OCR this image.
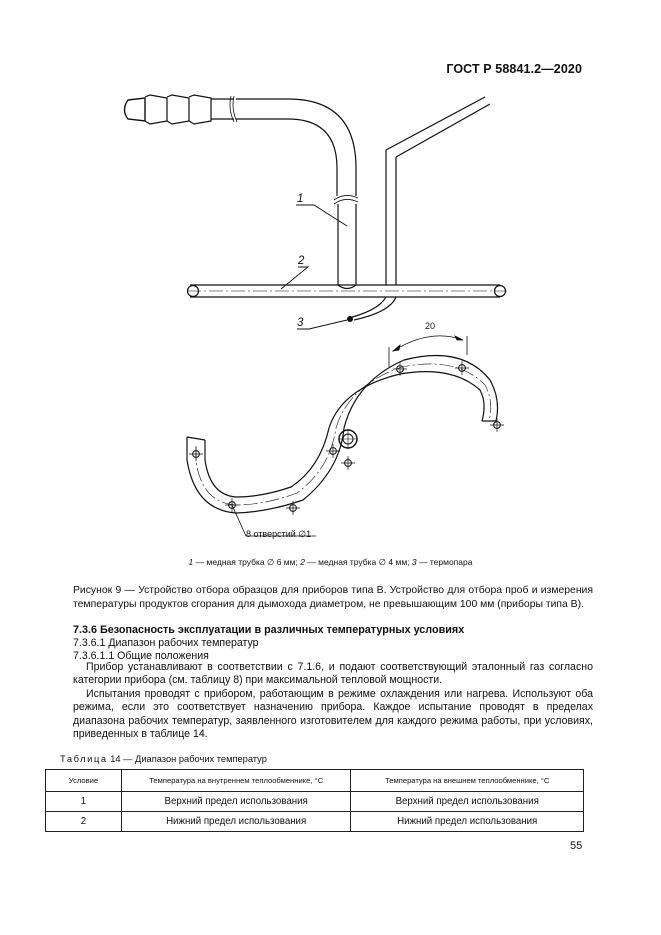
ГОСТ Р 58841.2—2020
1
2
3	20
8 отверстий ∅1
1 — медная трубка ∅ 6 мм; 2 — медная трубка ∅ 4 мм; 3 — термопара
Рисунок 9 — Устройство отбора образцов для приборов типа В. Устройство для отбора проб и измерения температуры продуктов сгорания для дымохода диаметром, не превышающим 100 мм (приборы типа В).
7.3.6 Безопасность эксплуатации в различных температурных условиях
7.3.6.1 Диапазон рабочих температур
7.3.6.1.1 Общие положения
Прибор устанавливают в соответствии с 7.1.6, и подают соответствующий эталонный газ согласно категории прибора (см. таблицу 8) при максимальной тепловой мощности.
Испытания проводят с прибором, работающим в режиме охлаждения или нагрева. Используют оба режима, если это соответствует назначению прибора. Каждое испытание проводят в пределах диапазона рабочих температур, заявленного изготовителем для каждого режима работы, при условиях, приведенных в таблице 14.
Таблица 14 — Диапазон рабочих температур
Условие	Температура на внутреннем теплообменнике, °С	Температура на внешнем теплообменнике, °С
1	Верхний предел использования	Верхний предел использования
2	Нижний предел использования	Нижний предел использования
55
